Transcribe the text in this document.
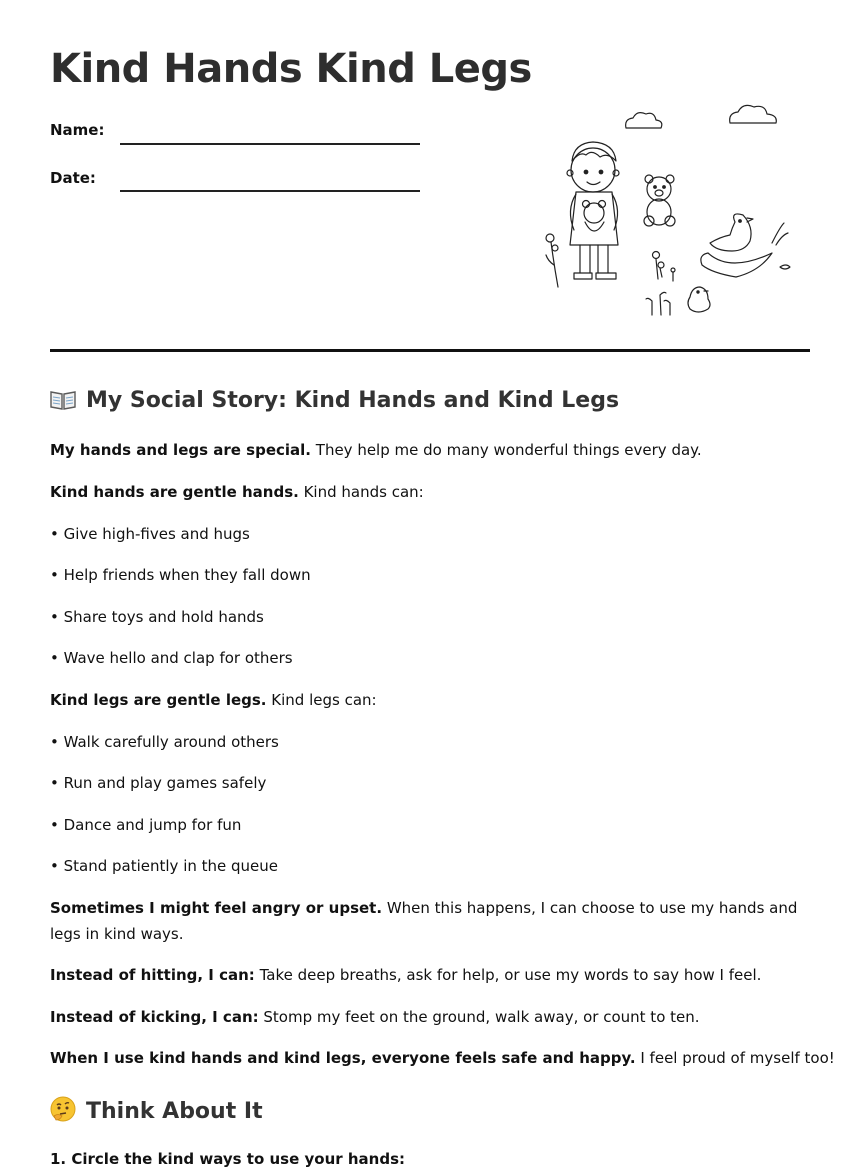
Kind Hands Kind Legs
Name:
Date:
My Social Story: Kind Hands and Kind Legs
My hands and legs are special. They help me do many wonderful things every day.
Kind hands are gentle hands. Kind hands can:
• Give high-fives and hugs
• Help friends when they fall down
• Share toys and hold hands
• Wave hello and clap for others
Kind legs are gentle legs. Kind legs can:
• Walk carefully around others
• Run and play games safely
• Dance and jump for fun
• Stand patiently in the queue
Sometimes I might feel angry or upset. When this happens, I can choose to use my hands and legs in kind ways.
Instead of hitting, I can: Take deep breaths, ask for help, or use my words to say how I feel.
Instead of kicking, I can: Stomp my feet on the ground, walk away, or count to ten.
When I use kind hands and kind legs, everyone feels safe and happy. I feel proud of myself too!
Think About It
1. Circle the kind ways to use your hands:
